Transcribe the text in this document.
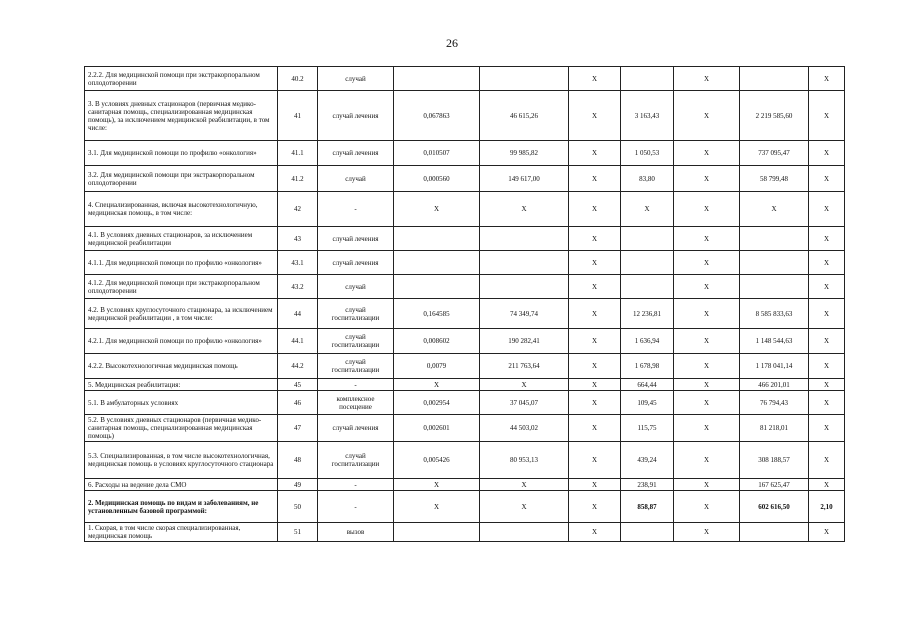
26
2.2.2. Для медицинской помощи при экстракорпоральном оплодотворении	40.2	случай			X		X		X
3. В условиях дневных стационаров (первичная медико-санитарная помощь, специализированная медицинская помощь), за исключением медицинской реабилитации, в том числе:	41	случай лечения	0,067863	46 615,26	X	3 163,43	X	2 219 585,60	X
3.1. Для медицинской помощи по профилю «онкология»	41.1	случай лечения	0,010507	99 985,82	X	1 050,53	X	737 095,47	X
3.2. Для медицинской помощи при экстракорпоральном оплодотворении	41.2	случай	0,000560	149 617,00	X	83,80	X	58 799,48	X
4. Специализированная, включая высокотехнологичную, медицинская помощь, в том числе:	42	-	X	X	X	X	X	X	X
4.1. В условиях дневных стационаров, за исключением медицинской реабилитации	43	случай лечения			X		X		X
4.1.1. Для медицинской помощи по профилю «онкология»	43.1	случай лечения			X		X		X
4.1.2. Для медицинской помощи при экстракорпоральном оплодотворении	43.2	случай			X		X		X
4.2. В условиях круглосуточного стационара, за исключением медицинской реабилитации , в том числе:	44	случай госпитализации	0,164585	74 349,74	X	12 236,81	X	8 585 833,63	X
4.2.1. Для медицинской помощи по профилю «онкология»	44.1	случай госпитализации	0,008602	190 282,41	X	1 636,94	X	1 148 544,63	X
4.2.2. Высокотехнологичная медицинская помощь	44.2	случай госпитализации	0,0079	211 763,64	X	1 678,98	X	1 178 041,14	X
5. Медицинская реабилитация:	45	-	X	X	X	664,44	X	466 201,01	X
5.1. В амбулаторных условиях	46	комплексное посещение	0,002954	37 045,07	X	109,45	X	76 794,43	X
5.2. В условиях дневных стационаров (первичная медико-санитарная помощь, специализированная медицинская помощь)	47	случай лечения	0,002601	44 503,02	X	115,75	X	81 218,01	X
5.3. Специализированная, в том числе высокотехнологичная, медицинская помощь в условиях круглосуточного стационара	48	случай госпитализации	0,005426	80 953,13	X	439,24	X	308 188,57	X
6. Расходы на ведение дела СМО	49	-	X	X	X	238,91	X	167 625,47	X
2. Медицинская помощь по видам и заболеваниям, не установленным базовой программой:	50	-	X	X	X	858,87	X	602 616,50	2,10
1. Скорая, в том числе скорая специализированная, медицинская помощь	51	вызов			X		X		X
